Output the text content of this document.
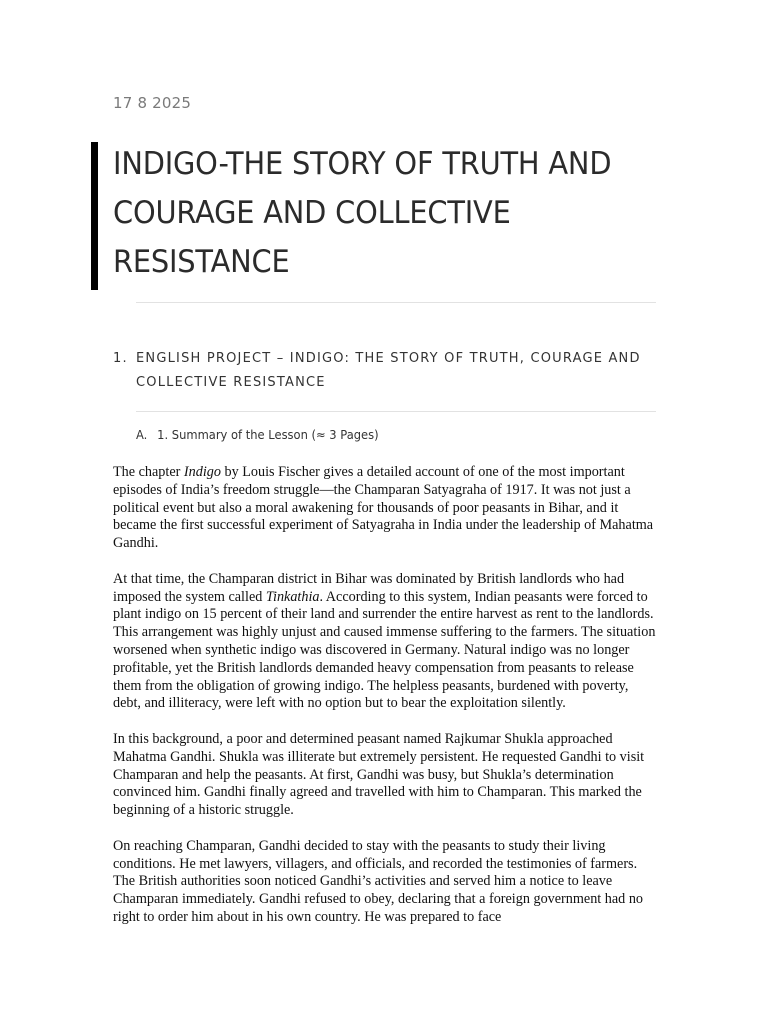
17 8 2025
INDIGO-THE STORY OF TRUTH AND COURAGE AND COLLECTIVE RESISTANCE
1. ENGLISH PROJECT – INDIGO: THE STORY OF TRUTH, COURAGE AND COLLECTIVE RESISTANCE
A. 1. Summary of the Lesson (≈ 3 Pages)

The chapter Indigo by Louis Fischer gives a detailed account of one of the most important episodes of India’s freedom struggle—the Champaran Satyagraha of 1917. It was not just a political event but also a moral awakening for thousands of poor peasants in Bihar, and it became the first successful experiment of Satyagraha in India under the leadership of Mahatma Gandhi.

At that time, the Champaran district in Bihar was dominated by British landlords who had imposed the system called Tinkathia. According to this system, Indian peasants were forced to plant indigo on 15 percent of their land and surrender the entire harvest as rent to the landlords. This arrangement was highly unjust and caused immense suffering to the farmers. The situation worsened when synthetic indigo was discovered in Germany. Natural indigo was no longer profitable, yet the British landlords demanded heavy compensation from peasants to release them from the obligation of growing indigo. The helpless peasants, burdened with poverty, debt, and illiteracy, were left with no option but to bear the exploitation silently.

In this background, a poor and determined peasant named Rajkumar Shukla approached Mahatma Gandhi. Shukla was illiterate but extremely persistent. He requested Gandhi to visit Champaran and help the peasants. At first, Gandhi was busy, but Shukla’s determination convinced him. Gandhi finally agreed and travelled with him to Champaran. This marked the beginning of a historic struggle.

On reaching Champaran, Gandhi decided to stay with the peasants to study their living conditions. He met lawyers, villagers, and officials, and recorded the testimonies of farmers. The British authorities soon noticed Gandhi’s activities and served him a notice to leave Champaran immediately. Gandhi refused to obey, declaring that a foreign government had no right to order him about in his own country. He was prepared to face
